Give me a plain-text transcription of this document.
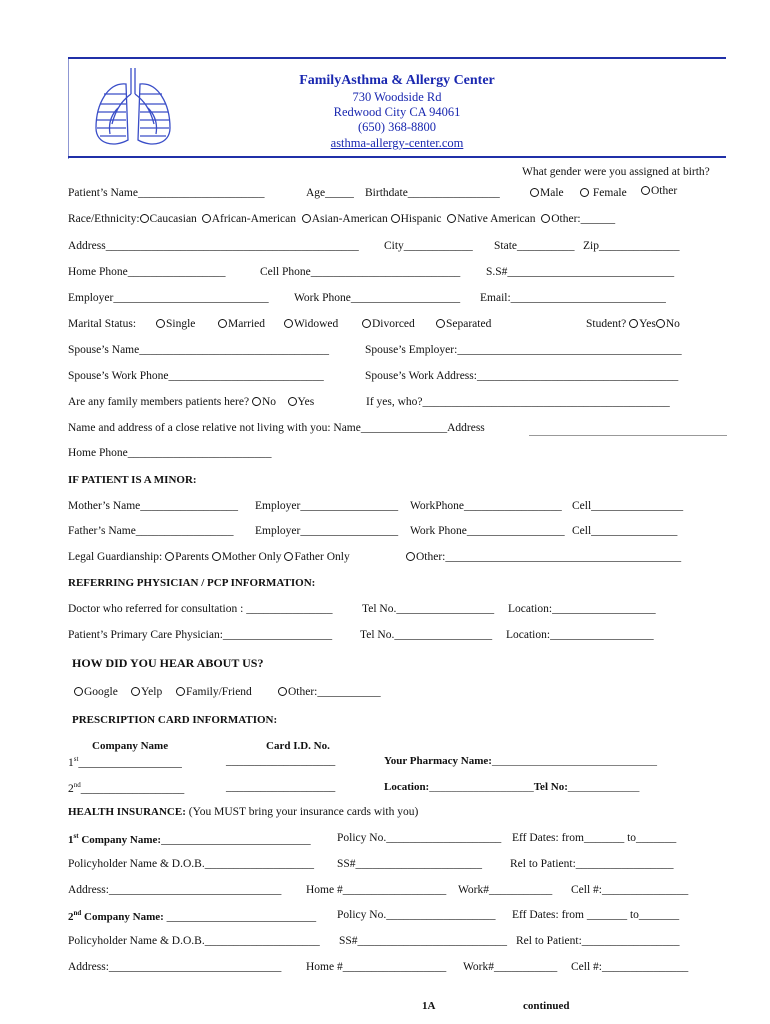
FamilyAsthma & Allergy Center
730 Woodside Rd
Redwood City CA 94061
(650) 368-8800
asthma-allergy-center.com
What gender were you assigned at birth?
Patient’s Name______________________	Age_____ Birthdate________________	Male	Female	Other
Race/Ethnicity: Caucasian African-American Asian-American Hispanic Native American Other:______
Address____________________________________________ City____________ State__________ Zip______________
Home Phone_________________	Cell Phone__________________________ S.S#_____________________________
Employer___________________________ Work Phone___________________ Email:___________________________
Marital Status:	Single	Married	Widowed	Divorced	Separated	Student? Yes No
Spouse’s Name_________________________________	Spouse’s Employer:_______________________________________
Spouse’s Work Phone___________________________	Spouse’s Work Address:___________________________________
Are any family members patients here? No Yes	If yes, who?___________________________________________
Name and address of a close relative not living with you: Name_______________Address
Home Phone_________________________
IF PATIENT IS A MINOR:
Mother’s Name_________________ Employer_________________ WorkPhone_________________ Cell________________
Father’s Name_________________ Employer_________________ Work Phone_________________ Cell_______________
Legal Guardianship: Parents Mother Only Father Only	Other:_________________________________________
REFERRING PHYSICIAN / PCP INFORMATION:
Doctor who referred for consultation : _______________	Tel No._________________ Location:__________________
Patient’s Primary Care Physician:___________________ Tel No._________________ Location:__________________
HOW DID YOU HEAR ABOUT US?
Google	Yelp	Family/Friend	Other:___________
PRESCRIPTION CARD INFORMATION:
Company Name	Card I.D. No.
1st__________________	___________________	Your Pharmacy Name:______________________________
2nd__________________	___________________	Location:___________________Tel No:_____________
HEALTH INSURANCE: (You MUST bring your insurance cards with you)
1st Company Name:__________________________ Policy No.____________________ Eff Dates: from_______ to_______
Policyholder Name & D.O.B.___________________ SS#______________________ Rel to Patient:_________________
Address:______________________________ Home #__________________ Work#___________ Cell #:_______________
2nd Company Name: __________________________ Policy No.___________________ Eff Dates: from _______ to_______
Policyholder Name & D.O.B.____________________ SS#__________________________ Rel to Patient:_________________
Address:______________________________ Home #__________________ Work#___________ Cell #:_______________
1A	continued
